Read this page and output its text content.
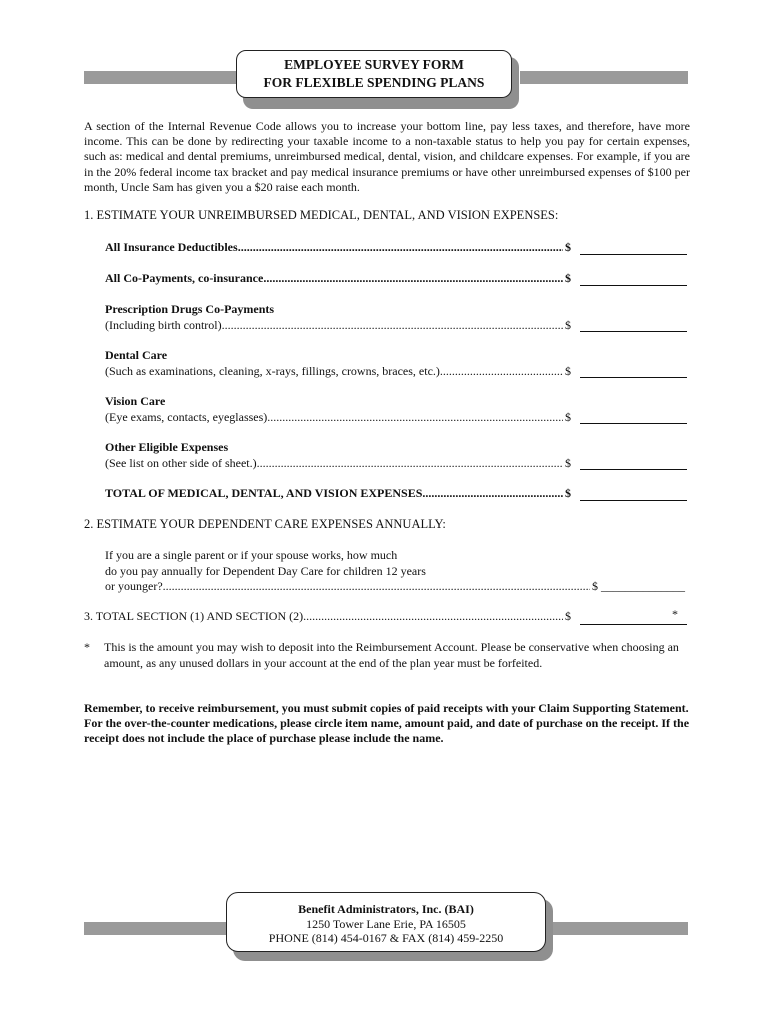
EMPLOYEE SURVEY FORM
FOR FLEXIBLE SPENDING PLANS
A section of the Internal Revenue Code allows you to increase your bottom line, pay less taxes, and therefore, have more income. This can be done by redirecting your taxable income to a non-taxable status to help you pay for certain expenses, such as: medical and dental premiums, unreimbursed medical, dental, vision, and childcare expenses. For example, if you are in the 20% federal income tax bracket and pay medical insurance premiums or have other unreimbursed expenses of $100 per month, Uncle Sam has given you a $20 raise each month.
1. ESTIMATE YOUR UNREIMBURSED MEDICAL, DENTAL, AND VISION EXPENSES:
All Insurance Deductibles .....	$
All Co-Payments, co-insurance .....	$
Prescription Drugs Co-Payments
(Including birth control) .....	$
Dental Care
(Such as examinations, cleaning, x-rays, fillings, crowns, braces, etc.) .....	$
Vision Care
(Eye exams, contacts, eyeglasses) .....	$
Other Eligible Expenses
(See list on other side of sheet.) .....	$
TOTAL OF MEDICAL, DENTAL, AND VISION EXPENSES .....	$
2. ESTIMATE YOUR DEPENDENT CARE EXPENSES ANNUALLY:
If you are a single parent or if your spouse works, how much
do you pay annually for Dependent Day Care for children 12 years
or younger? .....	$ ______________
3. TOTAL SECTION (1) AND SECTION (2) .....	$	*
* This is the amount you may wish to deposit into the Reimbursement Account. Please be conservative when choosing an amount, as any unused dollars in your account at the end of the plan year must be forfeited.
Remember, to receive reimbursement, you must submit copies of paid receipts with your Claim Supporting Statement. For the over-the-counter medications, please circle item name, amount paid, and date of purchase on the receipt. If the receipt does not include the place of purchase please include the name.
Benefit Administrators, Inc. (BAI)
1250 Tower Lane Erie, PA 16505
PHONE (814) 454-0167 & FAX (814) 459-2250
